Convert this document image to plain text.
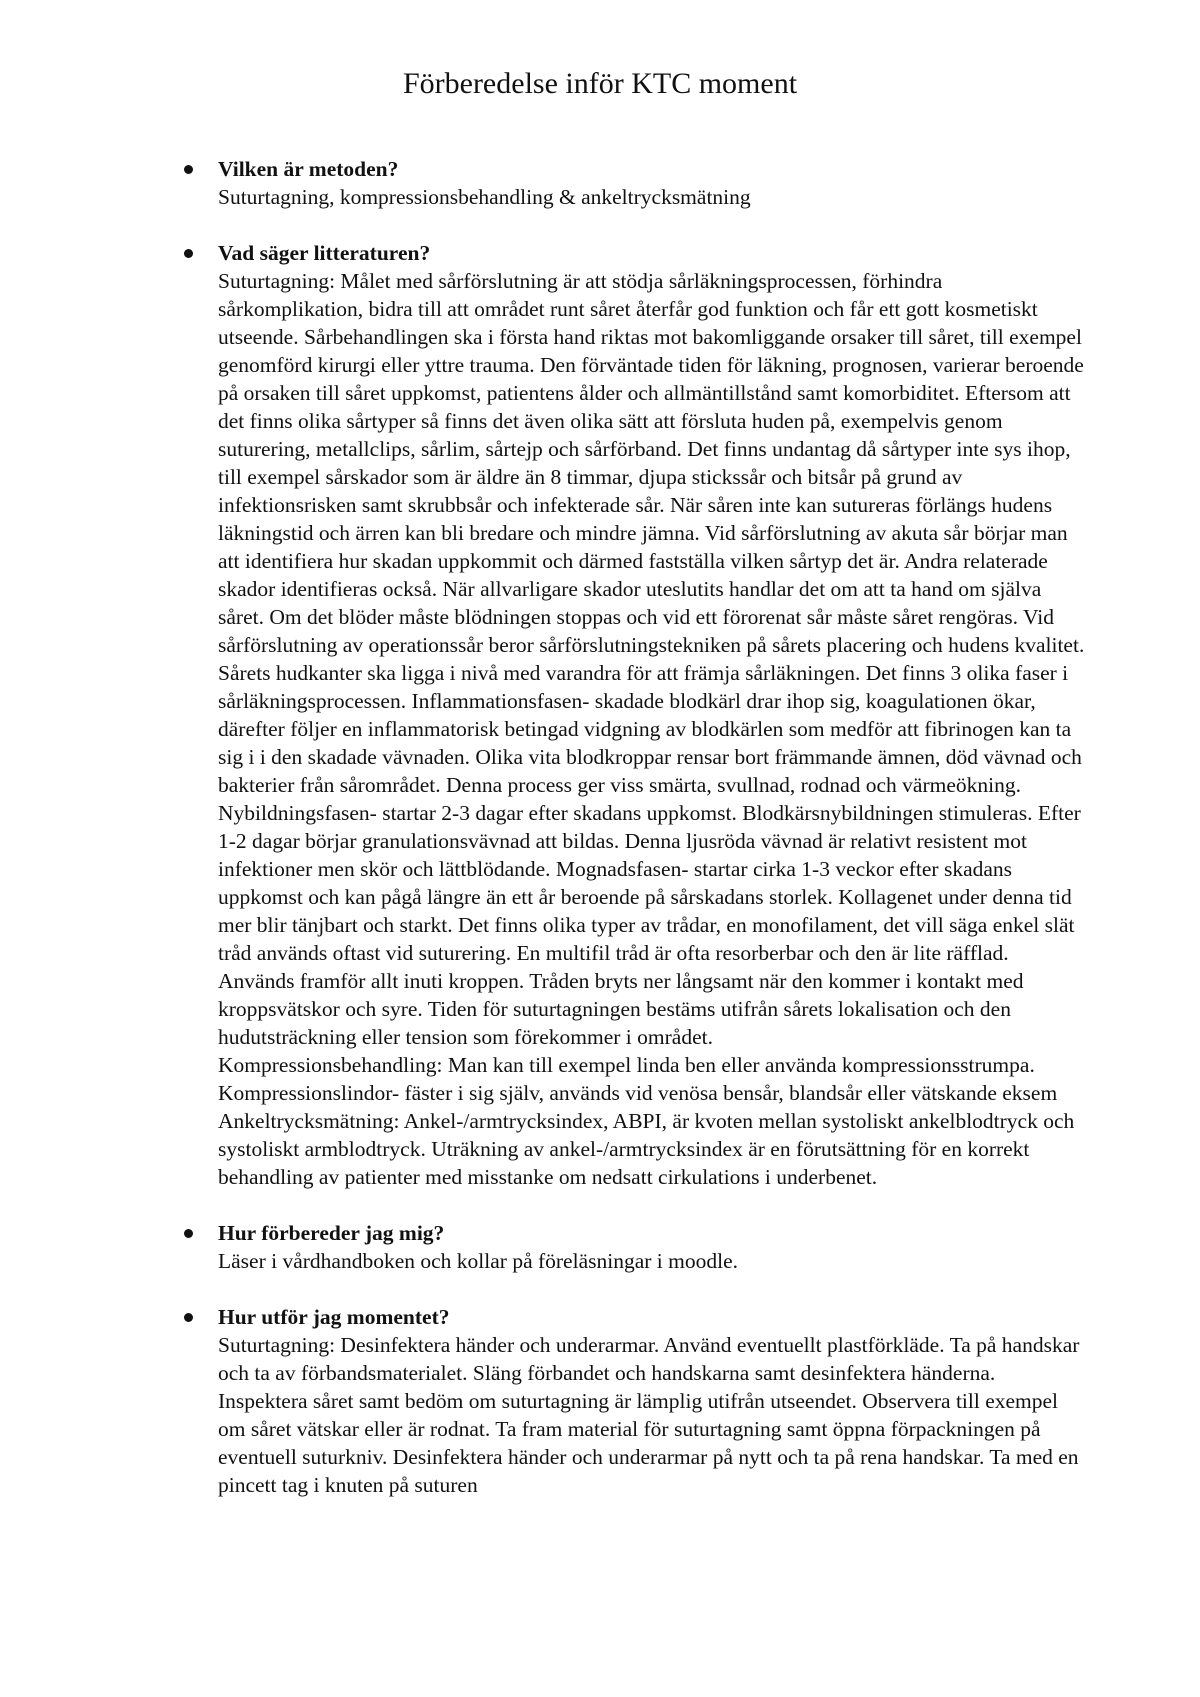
Förberedelse inför KTC moment
Vilken är metoden?
Suturtagning, kompressionsbehandling & ankeltrycksmätning
Vad säger litteraturen?
Suturtagning: Målet med sårförslutning är att stödja sårläkningsprocessen, förhindra sårkomplikation, bidra till att området runt såret återfår god funktion och får ett gott kosmetiskt utseende. Sårbehandlingen ska i första hand riktas mot bakomliggande orsaker till såret, till exempel genomförd kirurgi eller yttre trauma. Den förväntade tiden för läkning, prognosen, varierar beroende på orsaken till såret uppkomst, patientens ålder och allmäntillstånd samt komorbiditet. Eftersom att det finns olika sårtyper så finns det även olika sätt att försluta huden på, exempelvis genom suturering, metallclips, sårlim, sårtejp och sårförband. Det finns undantag då sårtyper inte sys ihop, till exempel sårskador som är äldre än 8 timmar, djupa stickssår och bitsår på grund av infektionsrisken samt skrubbsår och infekterade sår. När såren inte kan sutureras förlängs hudens läkningstid och ärren kan bli bredare och mindre jämna. Vid sårförslutning av akuta sår börjar man att identifiera hur skadan uppkommit och därmed fastställa vilken sårtyp det är. Andra relaterade skador identifieras också. När allvarligare skador uteslutits handlar det om att ta hand om själva såret. Om det blöder måste blödningen stoppas och vid ett förorenat sår måste såret rengöras. Vid sårförslutning av operationssår beror sårförslutningstekniken på sårets placering och hudens kvalitet. Sårets hudkanter ska ligga i nivå med varandra för att främja sårläkningen. Det finns 3 olika faser i sårläkningsprocessen. Inflammationsfasen- skadade blodkärl drar ihop sig, koagulationen ökar, därefter följer en inflammatorisk betingad vidgning av blodkärlen som medför att fibrinogen kan ta sig i i den skadade vävnaden. Olika vita blodkroppar rensar bort främmande ämnen, död vävnad och bakterier från sårområdet. Denna process ger viss smärta, svullnad, rodnad och värmeökning. Nybildningsfasen- startar 2-3 dagar efter skadans uppkomst. Blodkärsnybildningen stimuleras. Efter 1-2 dagar börjar granulationsvävnad att bildas. Denna ljusröda vävnad är relativt resistent mot infektioner men skör och lättblödande. Mognadsfasen- startar cirka 1-3 veckor efter skadans uppkomst och kan pågå längre än ett år beroende på sårskadans storlek. Kollagenet under denna tid mer blir tänjbart och starkt. Det finns olika typer av trådar, en monofilament, det vill säga enkel slät tråd används oftast vid suturering. En multifil tråd är ofta resorberbar och den är lite räfflad. Används framför allt inuti kroppen. Tråden bryts ner långsamt när den kommer i kontakt med kroppsvätskor och syre. Tiden för suturtagningen bestäms utifrån sårets lokalisation och den hudutsträckning eller tension som förekommer i området.
Kompressionsbehandling: Man kan till exempel linda ben eller använda kompressionsstrumpa. Kompressionslindor- fäster i sig själv, används vid venösa bensår, blandsår eller vätskande eksem
Ankeltrycksmätning: Ankel-/armtrycksindex, ABPI, är kvoten mellan systoliskt ankelblodtryck och systoliskt armblodtryck. Uträkning av ankel-/armtrycksindex är en förutsättning för en korrekt behandling av patienter med misstanke om nedsatt cirkulations i underbenet.
Hur förbereder jag mig?
Läser i vårdhandboken och kollar på föreläsningar i moodle.
Hur utför jag momentet?
Suturtagning: Desinfektera händer och underarmar. Använd eventuellt plastförkläde. Ta på handskar och ta av förbandsmaterialet. Släng förbandet och handskarna samt desinfektera händerna. Inspektera såret samt bedöm om suturtagning är lämplig utifrån utseendet. Observera till exempel om såret vätskar eller är rodnat. Ta fram material för suturtagning samt öppna förpackningen på eventuell suturkniv. Desinfektera händer och underarmar på nytt och ta på rena handskar. Ta med en pincett tag i knuten på suturen
